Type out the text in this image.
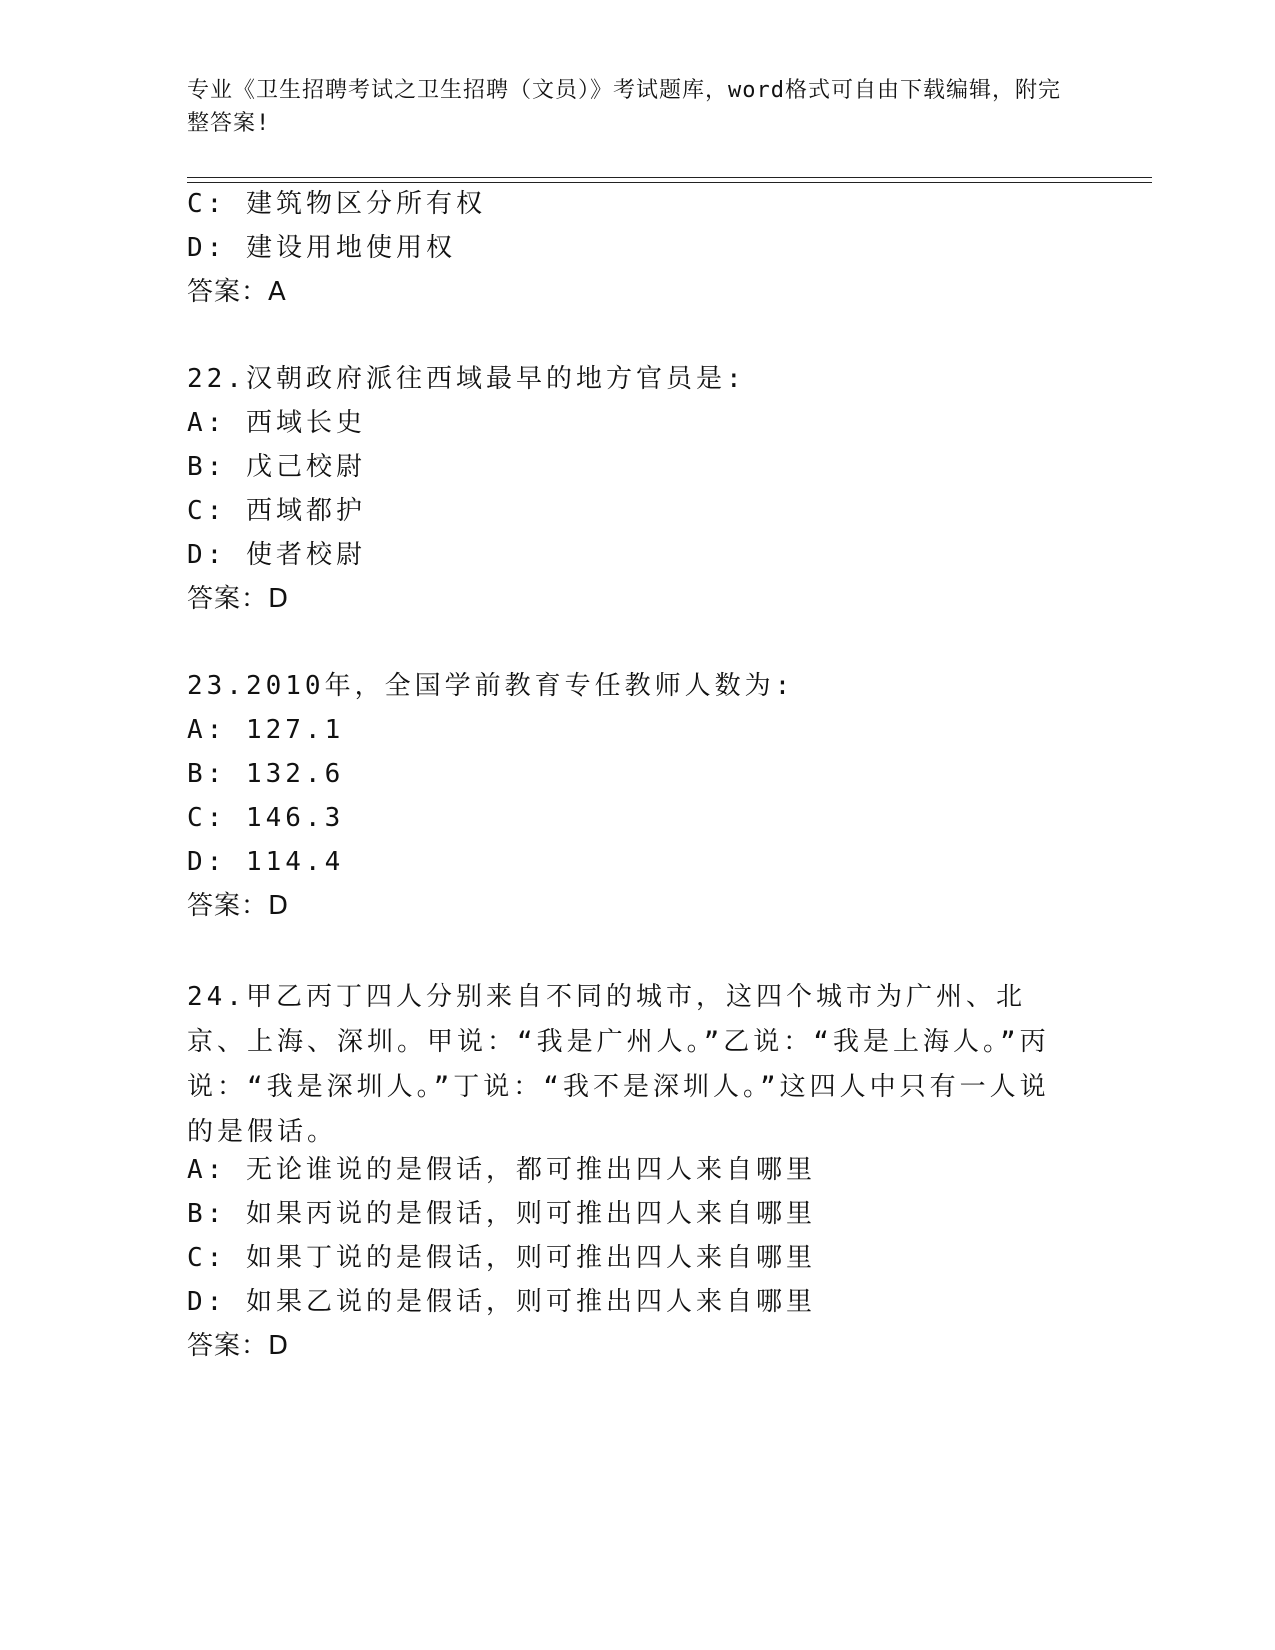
专业《卫生招聘考试之卫生招聘（文员）》考试题库，word格式可自由下载编辑，附完整答案!
C: 建筑物区分所有权
D: 建设用地使用权
答案：A
22.汉朝政府派往西域最早的地方官员是:
A: 西域长史
B: 戊己校尉
C: 西域都护
D: 使者校尉
答案：D
23.2010年，全国学前教育专任教师人数为:
A: 127.1
B: 132.6
C: 146.3
D: 114.4
答案：D
24.甲乙丙丁四人分别来自不同的城市，这四个城市为广州、北京、上海、深圳。甲说：“我是广州人。”乙说：“我是上海人。”丙说：“我是深圳人。”丁说：“我不是深圳人。”这四人中只有一人说的是假话。
A: 无论谁说的是假话，都可推出四人来自哪里
B: 如果丙说的是假话，则可推出四人来自哪里
C: 如果丁说的是假话，则可推出四人来自哪里
D: 如果乙说的是假话，则可推出四人来自哪里
答案：D
